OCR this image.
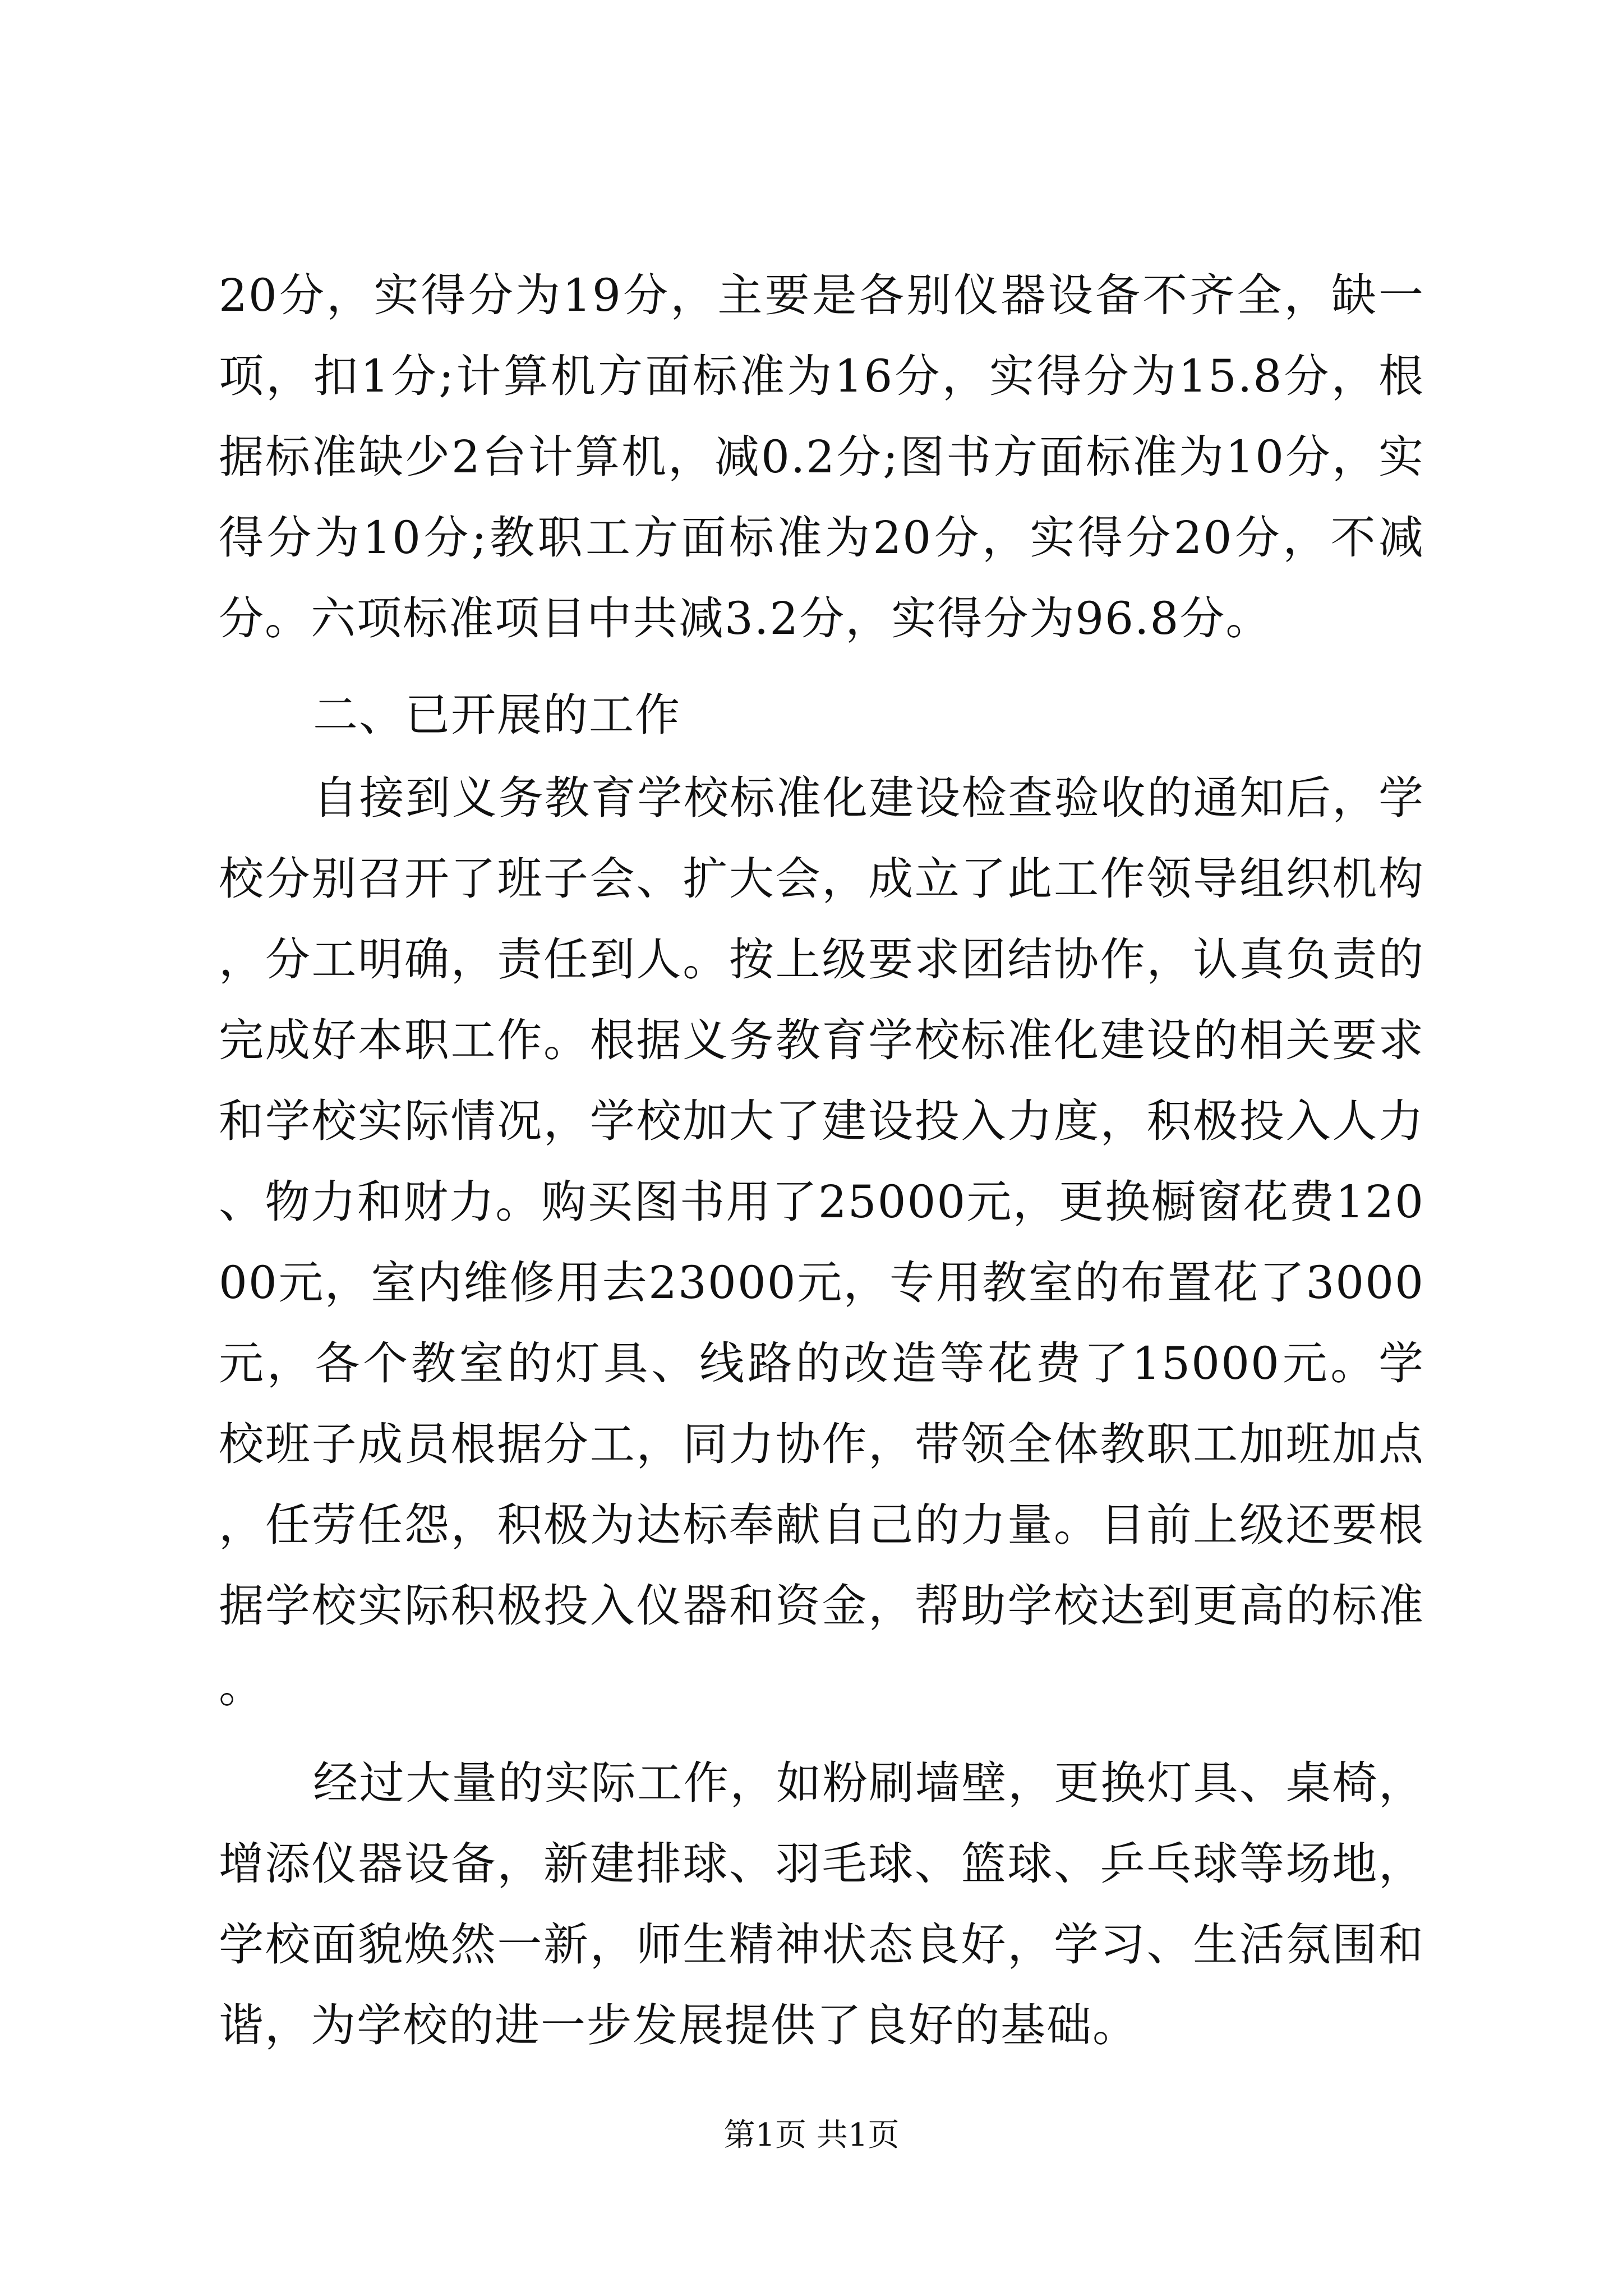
20分，实得分为19分，主要是各别仪器设备不齐全，缺一项，扣1分;计算机方面标准为16分，实得分为15.8分，根据标准缺少2台计算机，减0.2分;图书方面标准为10分，实得分为10分;教职工方面标准为20分，实得分20分，不减分。六项标准项目中共减3.2分，实得分为96.8分。

二、已开展的工作

自接到义务教育学校标准化建设检查验收的通知后，学校分别召开了班子会、扩大会，成立了此工作领导组织机构，分工明确，责任到人。按上级要求团结协作，认真负责的完成好本职工作。根据义务教育学校标准化建设的相关要求和学校实际情况，学校加大了建设投入力度，积极投入人力、物力和财力。购买图书用了25000元，更换橱窗花费12000元，室内维修用去23000元，专用教室的布置花了3000元，各个教室的灯具、线路的改造等花费了15000元。学校班子成员根据分工，同力协作，带领全体教职工加班加点，任劳任怨，积极为达标奉献自己的力量。目前上级还要根据学校实际积极投入仪器和资金，帮助学校达到更高的标准。

经过大量的实际工作，如粉刷墙壁，更换灯具、桌椅，增添仪器设备，新建排球、羽毛球、篮球、乒乓球等场地，学校面貌焕然一新，师生精神状态良好，学习、生活氛围和谐，为学校的进一步发展提供了良好的基础。

第1页 共1页
